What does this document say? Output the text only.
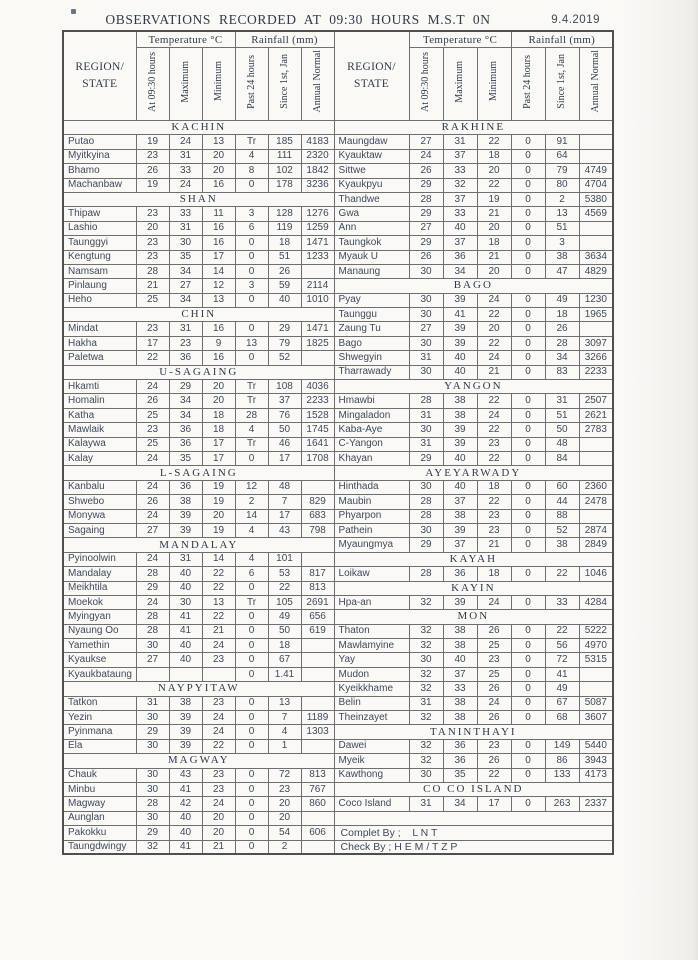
OBSERVATIONS RECORDED AT 09:30 HOURS M.S.T 0N	9.4.2019
REGION/
STATE
	Temperature °C	Rainfall (mm)	
REGION/
STATE
	Temperature °C	Rainfall (mm)
	At 09:30 hours	Maximum	Minimum	Past 24 hours	Since 1st, Jan	Annual Normal		At 09:30 hours	Maximum	Minimum	Past 24 hours	Since 1st, Jan	Annual Normal
KACHIN							RAKHINE						
Putao	19	24	13	Tr	185	4183	Maungdaw	27	31	22	0	91	
Myitkyina	23	31	20	4	111	2320	Kyauktaw	24	37	18	0	64	
Bhamo	26	33	20	8	102	1842	Sittwe	26	33	20	0	79	4749
Machanbaw	19	24	16	0	178	3236	Kyaukpyu	29	32	22	0	80	4704
SHAN							Thandwe	28	37	19	0	2	5380
Thipaw	23	33	11	3	128	1276	Gwa	29	33	21	0	13	4569
Lashio	20	31	16	6	119	1259	Ann	27	40	20	0	51	
Taunggyi	23	30	16	0	18	1471	Taungkok	29	37	18	0	3	
Kengtung	23	35	17	0	51	1233	Myauk U	26	36	21	0	38	3634
Namsam	28	34	14	0	26		Manaung	30	34	20	0	47	4829
Pinlaung	21	27	12	3	59	2114	BAGO						
Heho	25	34	13	0	40	1010	Pyay	30	39	24	0	49	1230
CHIN							Taunggu	30	41	22	0	18	1965
Mindat	23	31	16	0	29	1471	Zaung Tu	27	39	20	0	26	
Hakha	17	23	9	13	79	1825	Bago	30	39	22	0	28	3097
Paletwa	22	36	16	0	52		Shwegyin	31	40	24	0	34	3266
U-SAGAING							Tharrawady	30	40	21	0	83	2233
Hkamti	24	29	20	Tr	108	4036	YANGON						
Homalin	26	34	20	Tr	37	2233	Hmawbi	28	38	22	0	31	2507
Katha	25	34	18	28	76	1528	Mingaladon	31	38	24	0	51	2621
Mawlaik	23	36	18	4	50	1745	Kaba-Aye	30	39	22	0	50	2783
Kalaywa	25	36	17	Tr	46	1641	C-Yangon	31	39	23	0	48	
Kalay	24	35	17	0	17	1708	Khayan	29	40	22	0	84	
L-SAGAING							AYEYARWADY						
Kanbalu	24	36	19	12	48		Hinthada	30	40	18	0	60	2360
Shwebo	26	38	19	2	7	829	Maubin	28	37	22	0	44	2478
Monywa	24	39	20	14	17	683	Phyarpon	28	38	23	0	88	
Sagaing	27	39	19	4	43	798	Pathein	30	39	23	0	52	2874
MANDALAY							Myaungmya	29	37	21	0	38	2849
Pyinoolwin	24	31	14	4	101		KAYAH						
Mandalay	28	40	22	6	53	817	Loikaw	28	36	18	0	22	1046
Meikhtila	29	40	22	0	22	813	KAYIN						
Moekok	24	30	13	Tr	105	2691	Hpa-an	32	39	24	0	33	4284
Myingyan	28	41	22	0	49	656	MON						
Nyaung Oo	28	41	21	0	50	619	Thaton	32	38	26	0	22	5222
Yamethin	30	40	24	0	18		Mawlamyine	32	38	25	0	56	4970
Kyaukse	27	40	23	0	67		Yay	30	40	23	0	72	5315
Kyaukbataung				0	1.41		Mudon	32	37	25	0	41	
NAYPYITAW							Kyeikkhame	32	33	26	0	49	
Tatkon	31	38	23	0	13		Belin	31	38	24	0	67	5087
Yezin	30	39	24	0	7	1189	Theinzayet	32	38	26	0	68	3607
Pyinmana	29	39	24	0	4	1303	TANINTHAYI						
Ela	30	39	22	0	1		Dawei	32	36	23	0	149	5440
MAGWAY							Myeik	32	36	26	0	86	3943
Chauk	30	43	23	0	72	813	Kawthong	30	35	22	0	133	4173
Minbu	30	41	23	0	23	767	CO CO ISLAND						
Magway	28	42	24	0	20	860	Coco Island	31	34	17	0	263	2337
Aunglan	30	40	20	0	20								
Pakokku	29	40	20	0	54	606	Complet By ;    L N T						
Taungdwingy	32	41	21	0	2		Check By ; H E M / T Z P						
